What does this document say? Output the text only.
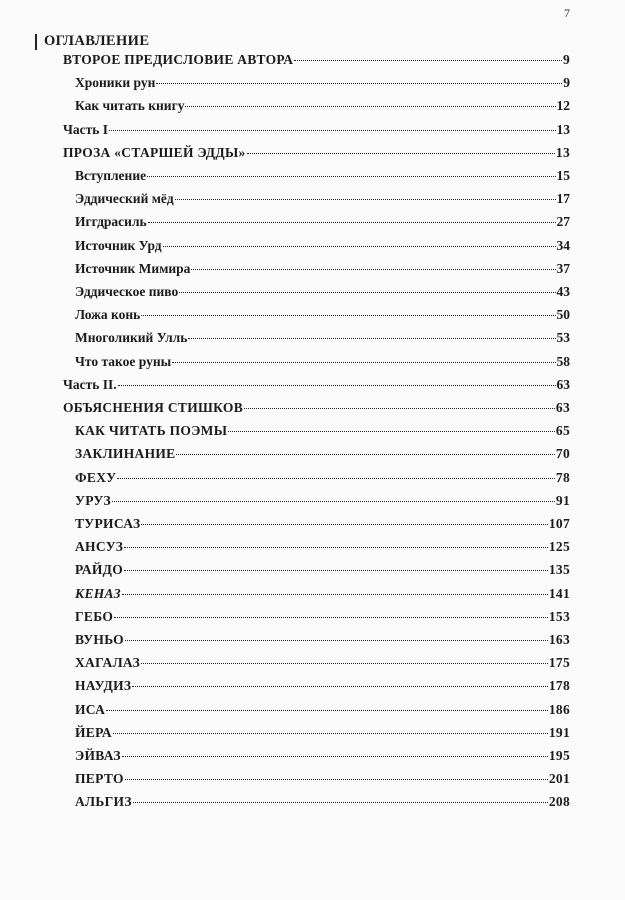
7
ОГЛАВЛЕНИЕ
ВТОРОЕ ПРЕДИСЛОВИЕ АВТОРА	9
Хроники рун	9
Как читать книгу	12
Часть I	13
ПРОЗА «СТАРШЕЙ ЭДДЫ»	13
Вступление	15
Эддический мёд	17
Иггдрасиль	27
Источник Урд	34
Источник Мимира	37
Эддическое пиво	43
Ложа конь	50
Многоликий Улль	53
Что такое руны	58
Часть II.	63
ОБЪЯСНЕНИЯ СТИШКОВ	63
КАК ЧИТАТЬ ПОЭМЫ	65
ЗАКЛИНАНИЕ	70
ФЕХУ	78
УРУЗ	91
ТУРИСАЗ	107
АНСУЗ	125
РАЙДО	135
КЕНАЗ	141
ГЕБО	153
ВУНЬО	163
ХАГАЛАЗ	175
НАУДИЗ	178
ИСА	186
ЙЕРА	191
ЭЙВАЗ	195
ПЕРТО	201
АЛЬГИЗ	208
